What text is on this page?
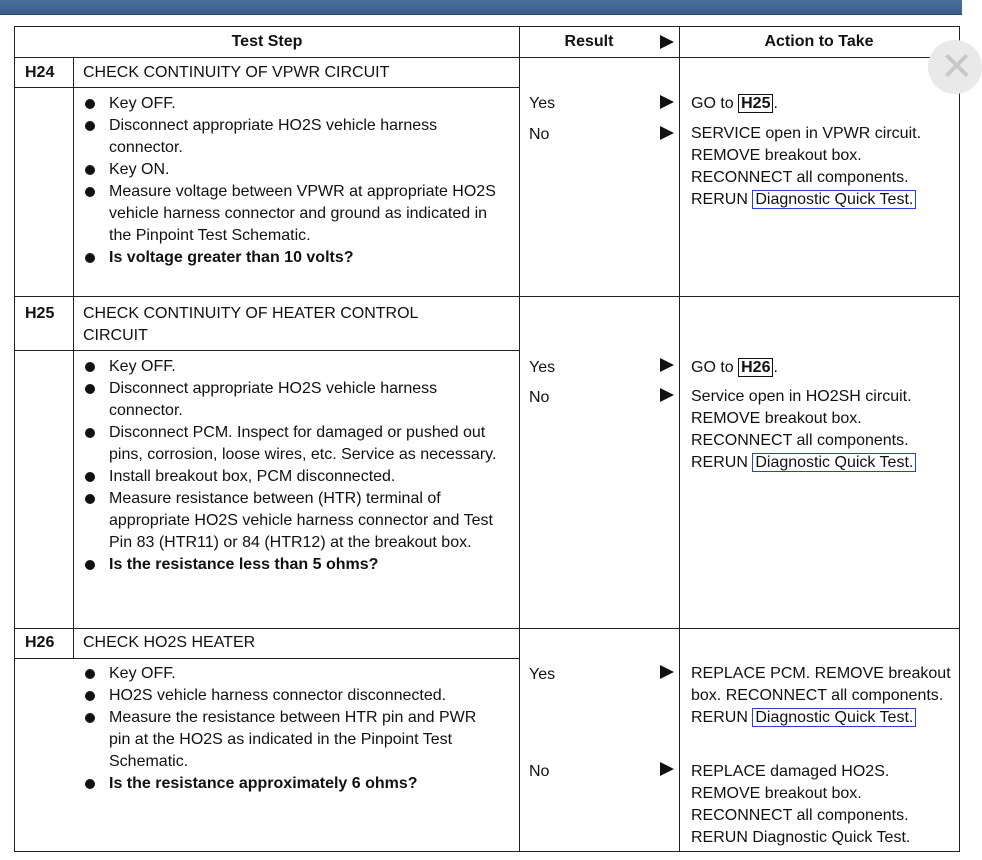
Test Step	Result	Action to Take
H24 CHECK CONTINUITY OF VPWR CIRCUIT
Key OFF.
Disconnect appropriate HO2S vehicle harness connector.
Key ON.
Measure voltage between VPWR at appropriate HO2S vehicle harness connector and ground as indicated in the Pinpoint Test Schematic.
Is voltage greater than 10 volts?
Yes
No
GO to H25 .
SERVICE open in VPWR circuit.
REMOVE breakout box.
RECONNECT all components.
RERUN Diagnostic Quick Test.
H25 CHECK CONTINUITY OF HEATER CONTROL CIRCUIT
Key OFF.
Disconnect appropriate HO2S vehicle harness connector.
Disconnect PCM. Inspect for damaged or pushed out pins, corrosion, loose wires, etc. Service as necessary.
Install breakout box, PCM disconnected.
Measure resistance between (HTR) terminal of appropriate HO2S vehicle harness connector and Test Pin 83 (HTR11) or 84 (HTR12) at the breakout box.
Is the resistance less than 5 ohms?
Yes
No
GO to H26 .
Service open in HO2SH circuit.
REMOVE breakout box.
RECONNECT all components.
RERUN Diagnostic Quick Test.
H26 CHECK HO2S HEATER
Key OFF.
HO2S vehicle harness connector disconnected.
Measure the resistance between HTR pin and PWR pin at the HO2S as indicated in the Pinpoint Test Schematic.
Is the resistance approximately 6 ohms?
Yes
No
REPLACE PCM. REMOVE breakout box. RECONNECT all components. RERUN Diagnostic Quick Test.
REPLACE damaged HO2S. REMOVE breakout box. RECONNECT all components. RERUN Diagnostic Quick Test.
✕
